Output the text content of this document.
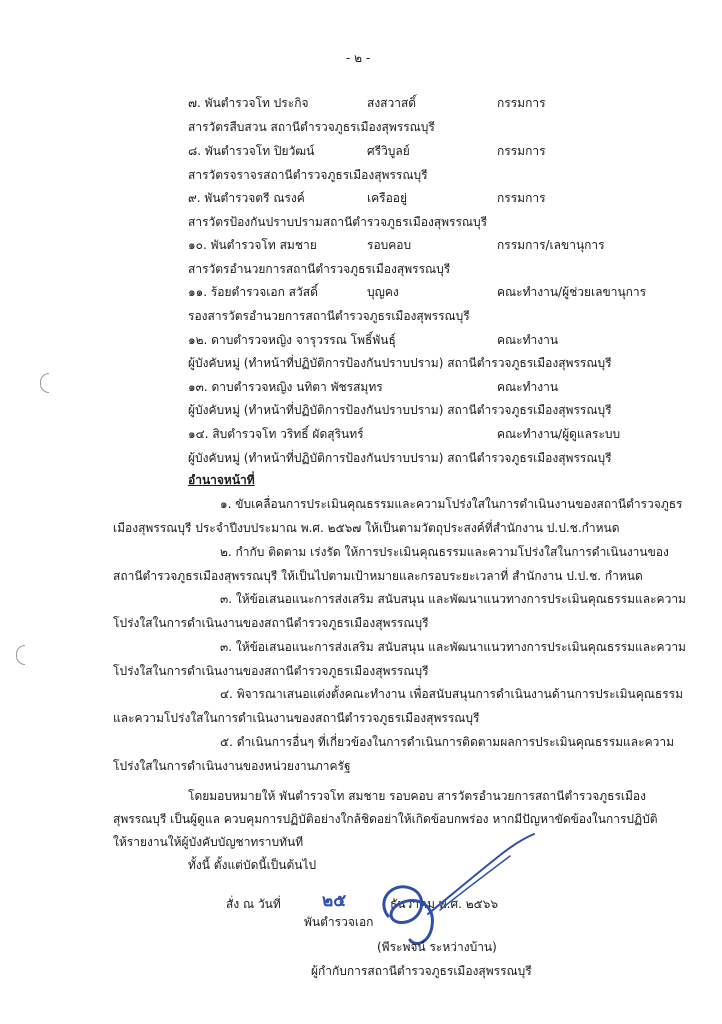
- ๒ -
๗. พันตำรวจโท ประกิจ	สงสวาสดิ์	กรรมการ
สารวัตรสืบสวน สถานีตำรวจภูธรเมืองสุพรรณบุรี
๘. พันตำรวจโท ปิยวัฒน์	ศรีวิบูลย์	กรรมการ
สารวัตรจราจรสถานีตำรวจภูธรเมืองสุพรรณบุรี
๙. พันตำรวจตรี ณรงค์	เครืออยู่	กรรมการ
สารวัตรป้องกันปราบปรามสถานีตำรวจภูธรเมืองสุพรรณบุรี
๑๐. พันตำรวจโท สมชาย	รอบคอบ	กรรมการ/เลขานุการ
สารวัตรอำนวยการสถานีตำรวจภูธรเมืองสุพรรณบุรี
๑๑. ร้อยตำรวจเอก สวัสดิ์	บุญคง	คณะทำงาน/ผู้ช่วยเลขานุการ
รองสารวัตรอำนวยการสถานีตำรวจภูธรเมืองสุพรรณบุรี
๑๒. ดาบตำรวจหญิง จารุวรรณ โพธิ์พันธุ์	คณะทำงาน
ผู้บังคับหมู่ (ทำหน้าที่ปฏิบัติการป้องกันปราบปราม) สถานีตำรวจภูธรเมืองสุพรรณบุรี
๑๓. ดาบตำรวจหญิง นทิตา พัชรสมุทร	คณะทำงาน
ผู้บังคับหมู่ (ทำหน้าที่ปฏิบัติการป้องกันปราบปราม) สถานีตำรวจภูธรเมืองสุพรรณบุรี
๑๔. สิบตำรวจโท วริทธิ์ ผัดสุรินทร์	คณะทำงาน/ผู้ดูแลระบบ
ผู้บังคับหมู่ (ทำหน้าที่ปฏิบัติการป้องกันปราบปราม) สถานีตำรวจภูธรเมืองสุพรรณบุรี
อำนาจหน้าที่
๑. ขับเคลื่อนการประเมินคุณธรรมและความโปร่งใสในการดำเนินงานของสถานีตำรวจภูธร
เมืองสุพรรณบุรี ประจำปีงบประมาณ พ.ศ. ๒๕๖๗ ให้เป็นตามวัตถุประสงค์ที่สำนักงาน ป.ป.ช.กำหนด
๒. กำกับ ติดตาม เร่งรัด ให้การประเมินคุณธรรมและความโปร่งใสในการดำเนินงานของ
สถานีตำรวจภูธรเมืองสุพรรณบุรี ให้เป็นไปตามเป้าหมายและกรอบระยะเวลาที่ สำนักงาน ป.ป.ช. กำหนด
๓. ให้ข้อเสนอแนะการส่งเสริม สนับสนุน และพัฒนาแนวทางการประเมินคุณธรรมและความ
โปร่งใสในการดำเนินงานของสถานีตำรวจภูธรเมืองสุพรรณบุรี
๓. ให้ข้อเสนอแนะการส่งเสริม สนับสนุน และพัฒนาแนวทางการประเมินคุณธรรมและความ
โปร่งใสในการดำเนินงานของสถานีตำรวจภูธรเมืองสุพรรณบุรี
๔. พิจารณาเสนอแต่งตั้งคณะทำงาน เพื่อสนับสนุนการดำเนินงานด้านการประเมินคุณธรรม
และความโปร่งใสในการดำเนินงานของสถานีตำรวจภูธรเมืองสุพรรณบุรี
๕. ดำเนินการอื่นๆ ที่เกี่ยวข้องในการดำเนินการติดตามผลการประเมินคุณธรรมและความ
โปร่งใสในการดำเนินงานของหน่วยงานภาครัฐ
โดยมอบหมายให้ พันตำรวจโท สมชาย รอบคอบ สารวัตรอำนวยการสถานีตำรวจภูธรเมือง
สุพรรณบุรี เป็นผู้ดูแล ควบคุมการปฏิบัติอย่างใกล้ชิดอย่าให้เกิดข้อบกพร่อง หากมีปัญหาขัดข้องในการปฏิบัติ
ให้รายงานให้ผู้บังคับบัญชาทราบทันที
ทั้งนี้ ตั้งแต่บัดนี้เป็นต้นไป
สั่ง ณ วันที่ ๒๕	ธันวาคม พ.ศ. ๒๕๖๖
พันตำรวจเอก
(พีระพจน์ ระหว่างบ้าน)
ผู้กำกับการสถานีตำรวจภูธรเมืองสุพรรณบุรี
